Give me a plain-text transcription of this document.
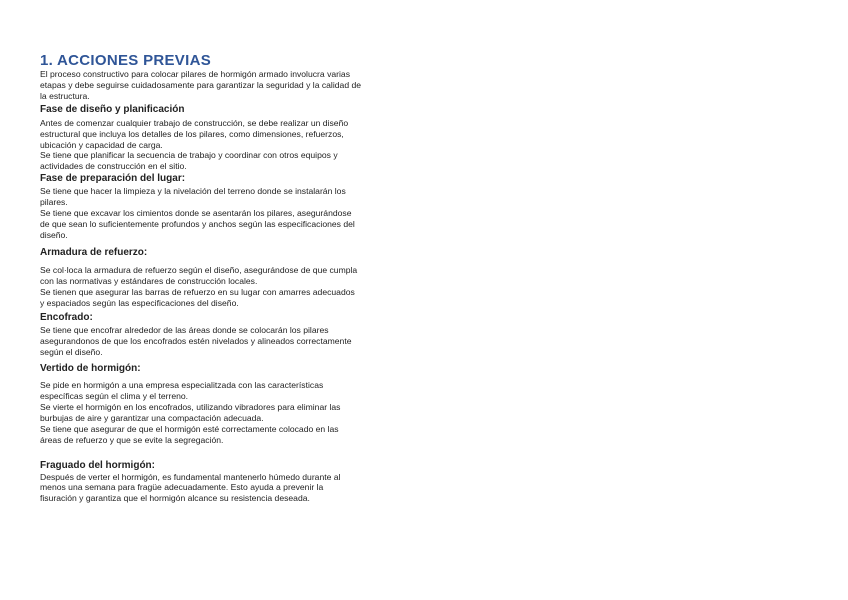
1. ACCIONES PREVIAS

El proceso constructivo para colocar pilares de hormigón armado involucra varias
etapas y debe seguirse cuidadosamente para garantizar la seguridad y la calidad de
la estructura.

Fase de diseño y planificación

Antes de comenzar cualquier trabajo de construcción, se debe realizar un diseño
estructural que incluya los detalles de los pilares, como dimensiones, refuerzos,
ubicación y capacidad de carga.
Se tiene que planificar la secuencia de trabajo y coordinar con otros equipos y
actividades de construcción en el sitio.

Fase de preparación del lugar:

Se tiene que hacer la limpieza y la nivelación del terreno donde se instalarán los
pilares.
Se tiene que excavar los cimientos donde se asentarán los pilares, asegurándose
de que sean lo suficientemente profundos y anchos según las especificaciones del
diseño.

Armadura de refuerzo:

Se col·loca la armadura de refuerzo según el diseño, asegurándose de que cumpla
con las normativas y estándares de construcción locales.
Se tienen que asegurar las barras de refuerzo en su lugar con amarres adecuados
y espaciados según las especificaciones del diseño.

Encofrado:

Se tiene que encofrar alrededor de las áreas donde se colocarán los pilares
asegurandonos de que los encofrados estén nivelados y alineados correctamente
según el diseño.

Vertido de hormigón:

Se pide en hormigón a una empresa especialitzada con las características
específicas según el clima y el terreno.
Se vierte el hormigón en los encofrados, utilizando vibradores para eliminar las
burbujas de aire y garantizar una compactación adecuada.
Se tiene que asegurar de que el hormigón esté correctamente colocado en las
áreas de refuerzo y que se evite la segregación.

Fraguado del hormigón:

Después de verter el hormigón, es fundamental mantenerlo húmedo durante al
menos una semana para fragüe adecuadamente. Esto ayuda a prevenir la
fisuración y garantiza que el hormigón alcance su resistencia deseada.
